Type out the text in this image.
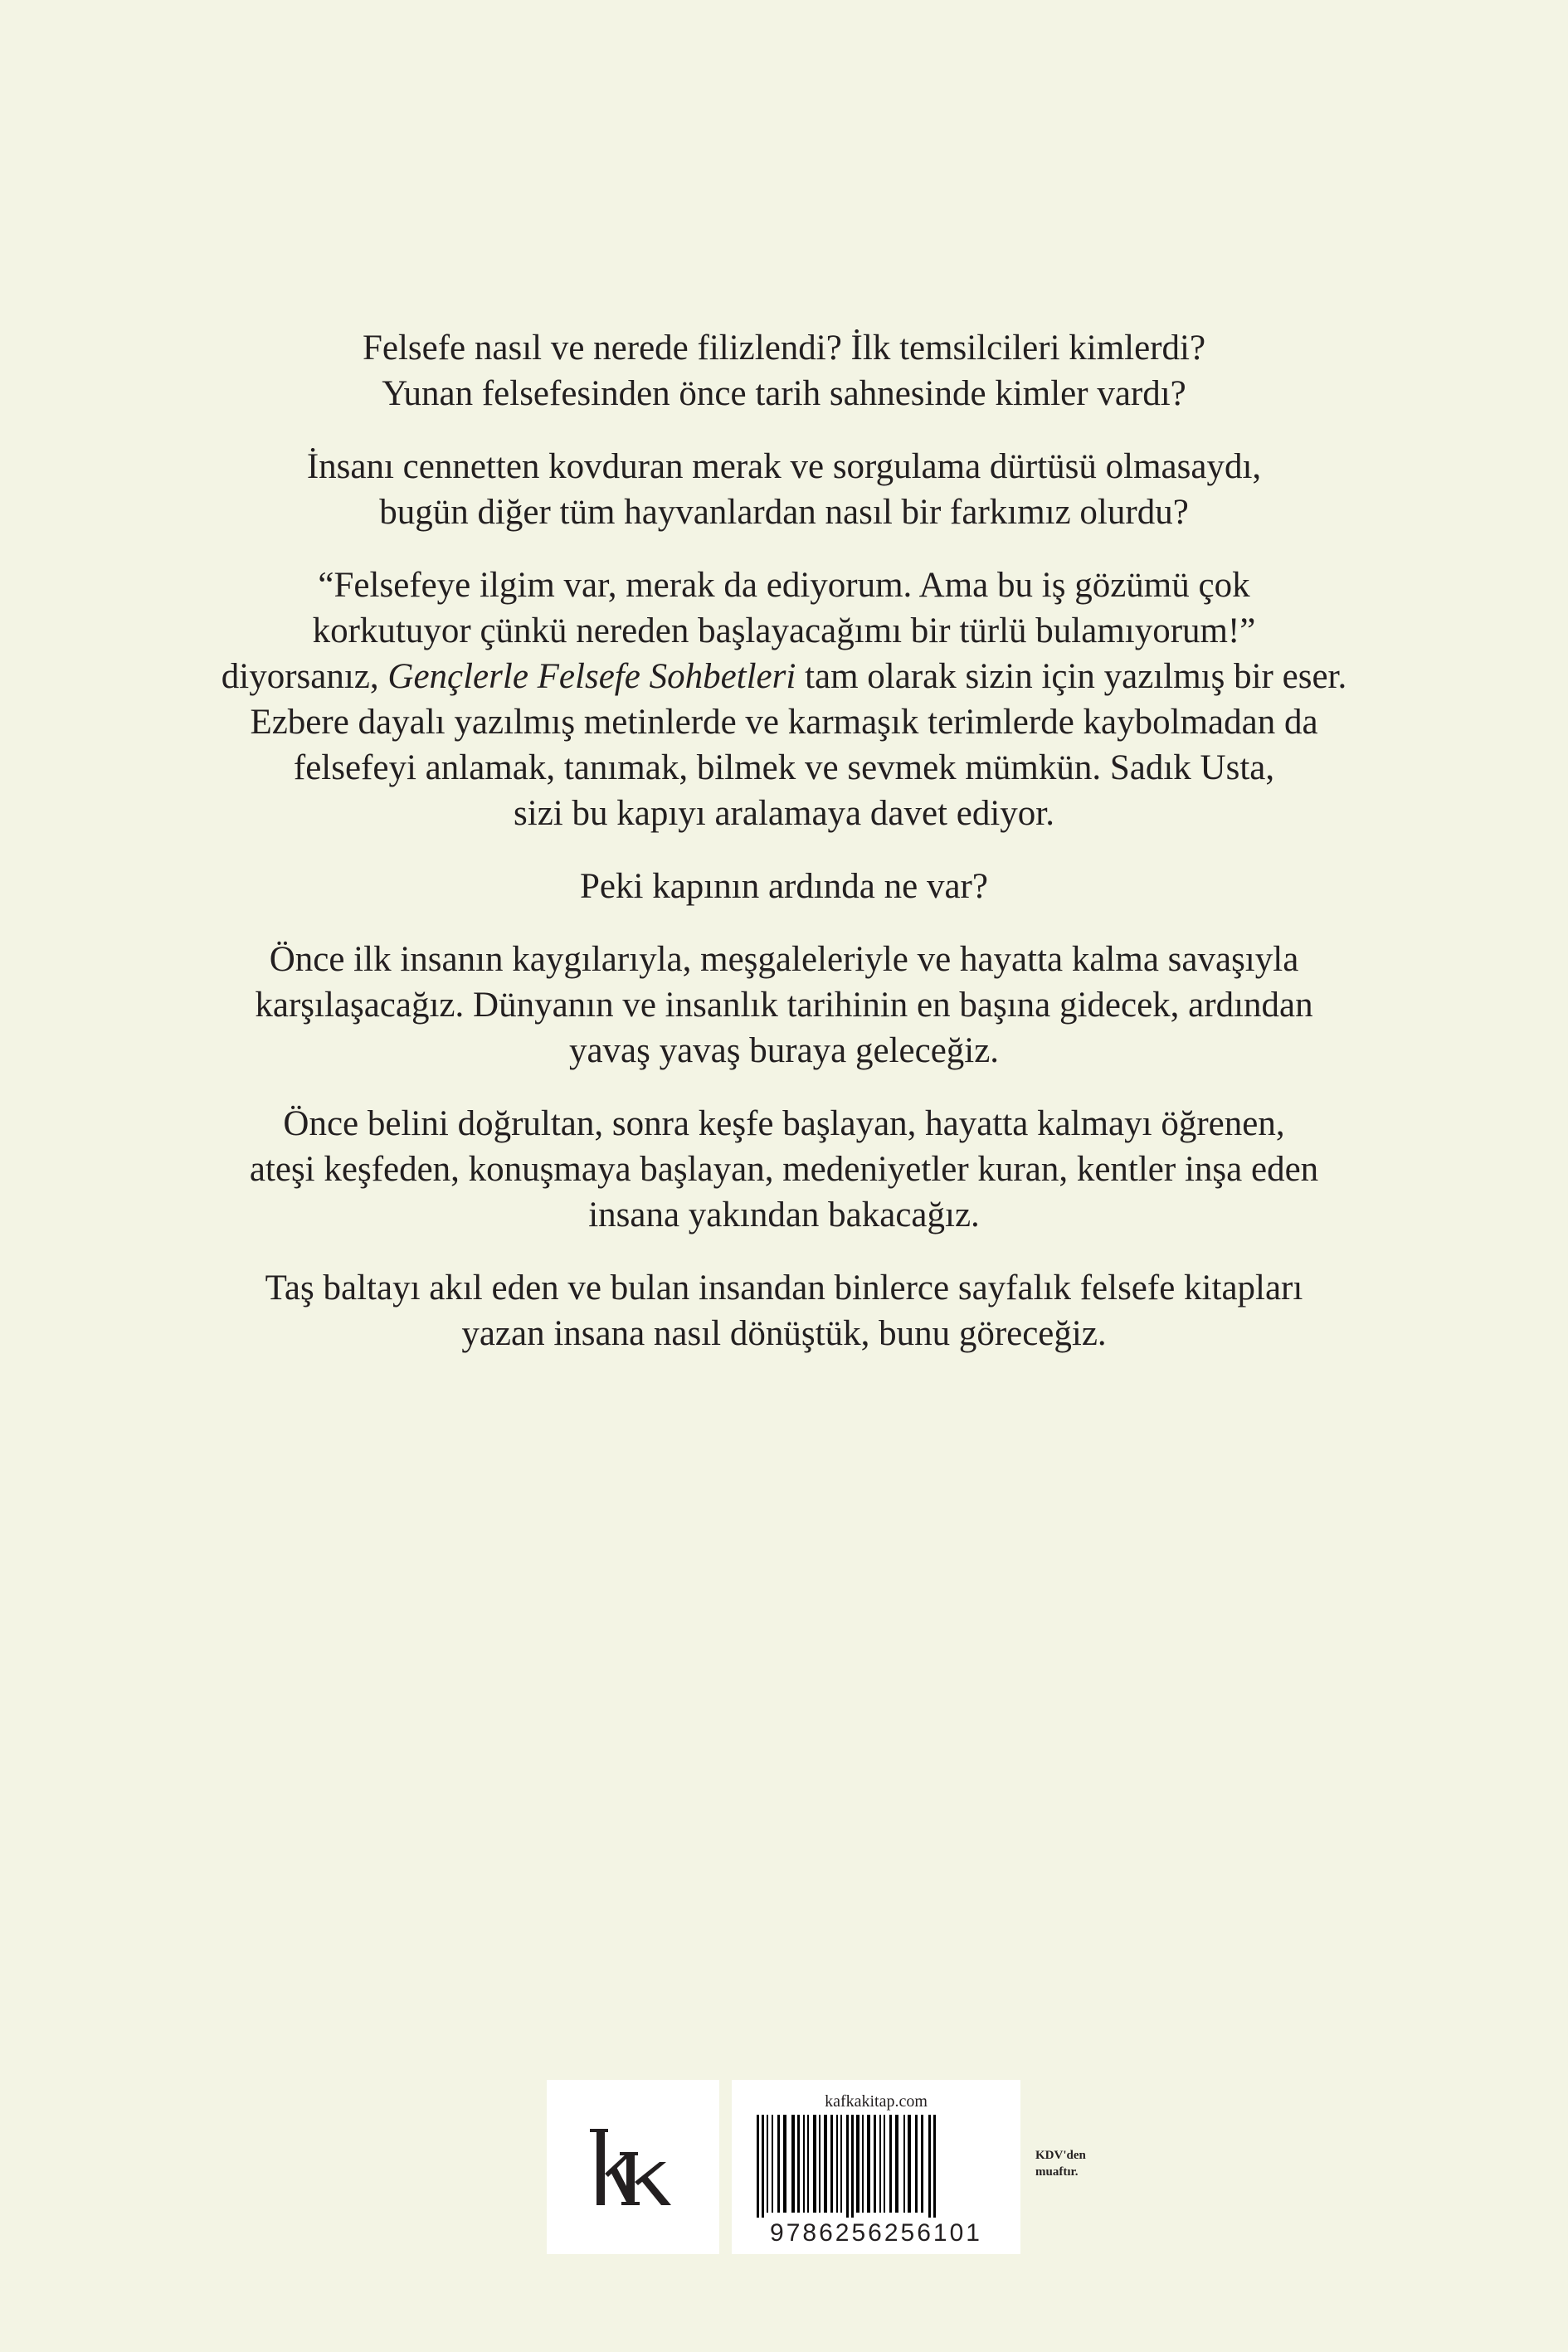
Felsefe nasıl ve nerede filizlendi? İlk temsilcileri kimlerdi?
Yunan felsefesinden önce tarih sahnesinde kimler vardı?

İnsanı cennetten kovduran merak ve sorgulama dürtüsü olmasaydı,
bugün diğer tüm hayvanlardan nasıl bir farkımız olurdu?

“Felsefeye ilgim var, merak da ediyorum. Ama bu iş gözümü çok
korkutuyor çünkü nereden başlayacağımı bir türlü bulamıyorum!”
diyorsanız, Gençlerle Felsefe Sohbetleri tam olarak sizin için yazılmış bir eser.
Ezbere dayalı yazılmış metinlerde ve karmaşık terimlerde kaybolmadan da
felsefeyi anlamak, tanımak, bilmek ve sevmek mümkün. Sadık Usta,
sizi bu kapıyı aralamaya davet ediyor.

Peki kapının ardında ne var?

Önce ilk insanın kaygılarıyla, meşgaleleriyle ve hayatta kalma savaşıyla
karşılaşacağız. Dünyanın ve insanlık tarihinin en başına gidecek, ardından
yavaş yavaş buraya geleceğiz.

Önce belini doğrultan, sonra keşfe başlayan, hayatta kalmayı öğrenen,
ateşi keşfeden, konuşmaya başlayan, medeniyetler kuran, kentler inşa eden
insana yakından bakacağız.

Taş baltayı akıl eden ve bulan insandan binlerce sayfalık felsefe kitapları
yazan insana nasıl dönüştük, bunu göreceğiz.

kafkakitap.com
9786256256101
KDV'den
muaftır.
